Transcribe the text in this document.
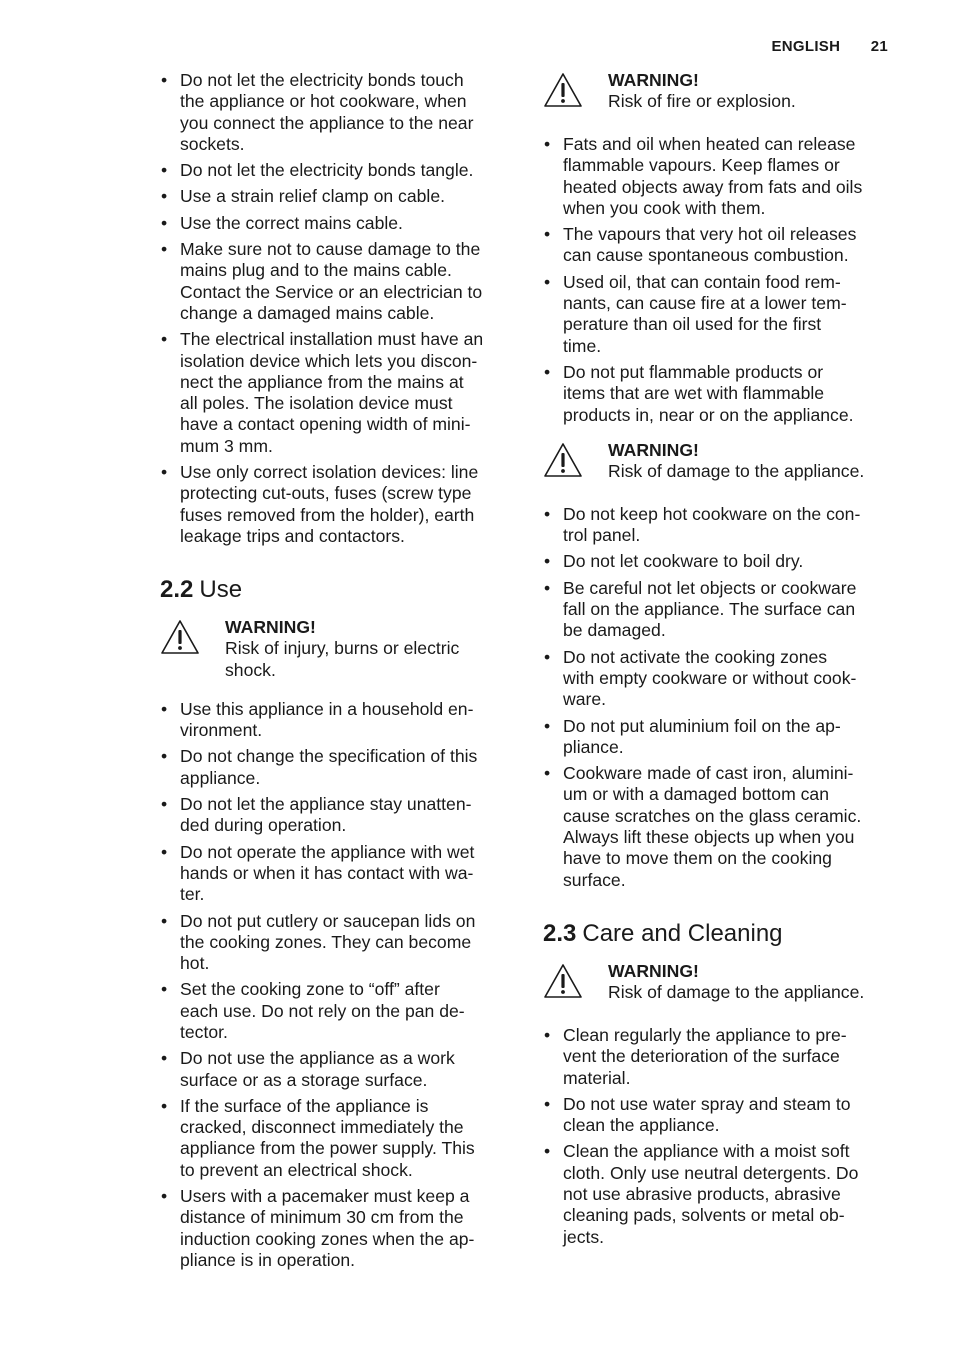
ENGLISH 21
• Do not let the electricity bonds touch
the appliance or hot cookware, when
you connect the appliance to the near
sockets.
• Do not let the electricity bonds tangle.
• Use a strain relief clamp on cable.
• Use the correct mains cable.
• Make sure not to cause damage to the
mains plug and to the mains cable.
Contact the Service or an electrician to
change a damaged mains cable.
• The electrical installation must have an
isolation device which lets you discon-
nect the appliance from the mains at
all poles. The isolation device must
have a contact opening width of mini-
mum 3 mm.
• Use only correct isolation devices: line
protecting cut-outs, fuses (screw type
fuses removed from the holder), earth
leakage trips and contactors.
2.2 Use
WARNING!
Risk of injury, burns or electric
shock.
• Use this appliance in a household en-
vironment.
• Do not change the specification of this
appliance.
• Do not let the appliance stay unatten-
ded during operation.
• Do not operate the appliance with wet
hands or when it has contact with wa-
ter.
• Do not put cutlery or saucepan lids on
the cooking zones. They can become
hot.
• Set the cooking zone to “off” after
each use. Do not rely on the pan de-
tector.
• Do not use the appliance as a work
surface or as a storage surface.
• If the surface of the appliance is
cracked, disconnect immediately the
appliance from the power supply. This
to prevent an electrical shock.
• Users with a pacemaker must keep a
distance of minimum 30 cm from the
induction cooking zones when the ap-
pliance is in operation.
WARNING!
Risk of fire or explosion.
• Fats and oil when heated can release
flammable vapours. Keep flames or
heated objects away from fats and oils
when you cook with them.
• The vapours that very hot oil releases
can cause spontaneous combustion.
• Used oil, that can contain food rem-
nants, can cause fire at a lower tem-
perature than oil used for the first
time.
• Do not put flammable products or
items that are wet with flammable
products in, near or on the appliance.
WARNING!
Risk of damage to the appliance.
• Do not keep hot cookware on the con-
trol panel.
• Do not let cookware to boil dry.
• Be careful not let objects or cookware
fall on the appliance. The surface can
be damaged.
• Do not activate the cooking zones
with empty cookware or without cook-
ware.
• Do not put aluminium foil on the ap-
pliance.
• Cookware made of cast iron, alumini-
um or with a damaged bottom can
cause scratches on the glass ceramic.
Always lift these objects up when you
have to move them on the cooking
surface.
2.3 Care and Cleaning
WARNING!
Risk of damage to the appliance.
• Clean regularly the appliance to pre-
vent the deterioration of the surface
material.
• Do not use water spray and steam to
clean the appliance.
• Clean the appliance with a moist soft
cloth. Only use neutral detergents. Do
not use abrasive products, abrasive
cleaning pads, solvents or metal ob-
jects.
